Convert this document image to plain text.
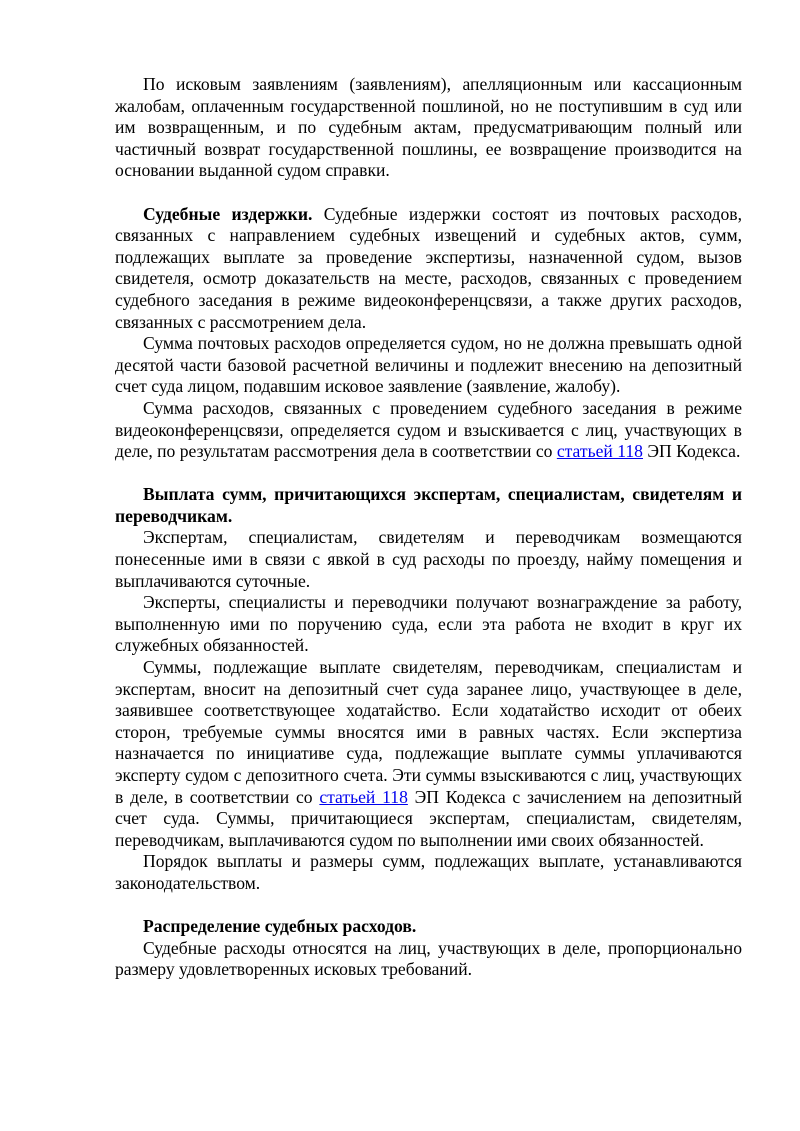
По исковым заявлениям (заявлениям), апелляционным или кассационным жалобам, оплаченным государственной пошлиной, но не поступившим в суд или им возвращенным, и по судебным актам, предусматривающим полный или частичный возврат государственной пошлины, ее возвращение производится на основании выданной судом справки.

Судебные издержки. Судебные издержки состоят из почтовых расходов, связанных с направлением судебных извещений и судебных актов, сумм, подлежащих выплате за проведение экспертизы, назначенной судом, вызов свидетеля, осмотр доказательств на месте, расходов, связанных с проведением судебного заседания в режиме видеоконференцсвязи, а также других расходов, связанных с рассмотрением дела.

Сумма почтовых расходов определяется судом, но не должна превышать одной десятой части базовой расчетной величины и подлежит внесению на депозитный счет суда лицом, подавшим исковое заявление (заявление, жалобу).

Сумма расходов, связанных с проведением судебного заседания в режиме видеоконференцсвязи, определяется судом и взыскивается с лиц, участвующих в деле, по результатам рассмотрения дела в соответствии со статьей 118 ЭП Кодекса.

Выплата сумм, причитающихся экспертам, специалистам, свидетелям и переводчикам.

Экспертам, специалистам, свидетелям и переводчикам возмещаются понесенные ими в связи с явкой в суд расходы по проезду, найму помещения и выплачиваются суточные.

Эксперты, специалисты и переводчики получают вознаграждение за работу, выполненную ими по поручению суда, если эта работа не входит в круг их служебных обязанностей.

Суммы, подлежащие выплате свидетелям, переводчикам, специалистам и экспертам, вносит на депозитный счет суда заранее лицо, участвующее в деле, заявившее соответствующее ходатайство. Если ходатайство исходит от обеих сторон, требуемые суммы вносятся ими в равных частях. Если экспертиза назначается по инициативе суда, подлежащие выплате суммы уплачиваются эксперту судом с депозитного счета. Эти суммы взыскиваются с лиц, участвующих в деле, в соответствии со статьей 118 ЭП Кодекса с зачислением на депозитный счет суда. Суммы, причитающиеся экспертам, специалистам, свидетелям, переводчикам, выплачиваются судом по выполнении ими своих обязанностей.

Порядок выплаты и размеры сумм, подлежащих выплате, устанавливаются законодательством.

Распределение судебных расходов.

Судебные расходы относятся на лиц, участвующих в деле, пропорционально размеру удовлетворенных исковых требований.
